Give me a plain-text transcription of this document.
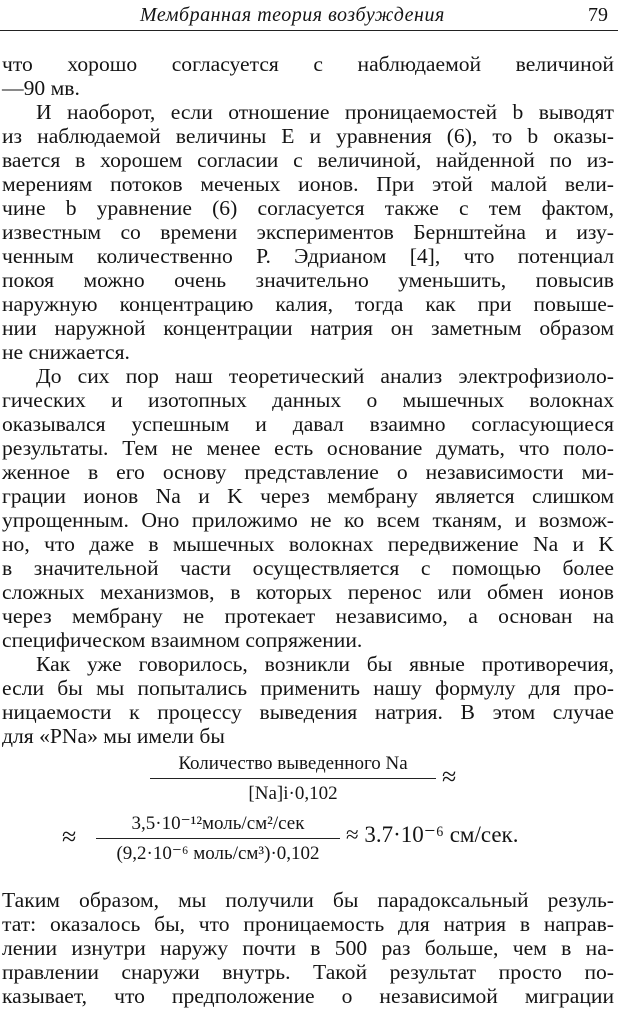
Мембранная теория возбуждения	79
что хорошо согласуется с наблюдаемой величиной
—90 мв.
И наоборот, если отношение проницаемостей b выводят
из наблюдаемой величины E и уравнения (6), то b оказы-
вается в хорошем согласии с величиной, найденной по из-
мерениям потоков меченых ионов. При этой малой вели-
чине b уравнение (6) согласуется также с тем фактом,
известным со времени экспериментов Бернштейна и изу-
ченным количественно Р. Эдрианом [4], что потенциал
покоя можно очень значительно уменьшить, повысив
наружную концентрацию калия, тогда как при повыше-
нии наружной концентрации натрия он заметным образом
не снижается.
До сих пор наш теоретический анализ электрофизиоло-
гических и изотопных данных о мышечных волокнах
оказывался успешным и давал взаимно согласующиеся
результаты. Тем не менее есть основание думать, что поло-
женное в его основу представление о независимости ми-
грации ионов Na и K через мембрану является слишком
упрощенным. Оно приложимо не ко всем тканям, и возмож-
но, что даже в мышечных волокнах передвижение Na и K
в значительной части осуществляется с помощью более
сложных механизмов, в которых перенос или обмен ионов
через мембрану не протекает независимо, а основан на
специфическом взаимном сопряжении.
Как уже говорилось, возникли бы явные противоречия,
если бы мы попытались применить нашу формулу для про-
ницаемости к процессу выведения натрия. В этом случае
для «PNa» мы имели бы
Количество выведенного Na
[Na]i·0,102
≈
≈	3,5·10⁻¹²моль/см²/сек
(9,2·10⁻⁶ моль/см³)·0,102
≈ 3.7·10⁻⁶ см/сек.
Таким образом, мы получили бы парадоксальный резуль-
тат: оказалось бы, что проницаемость для натрия в направ-
лении изнутри наружу почти в 500 раз больше, чем в на-
правлении снаружи внутрь. Такой результат просто по-
казывает, что предположение о независимой миграции
